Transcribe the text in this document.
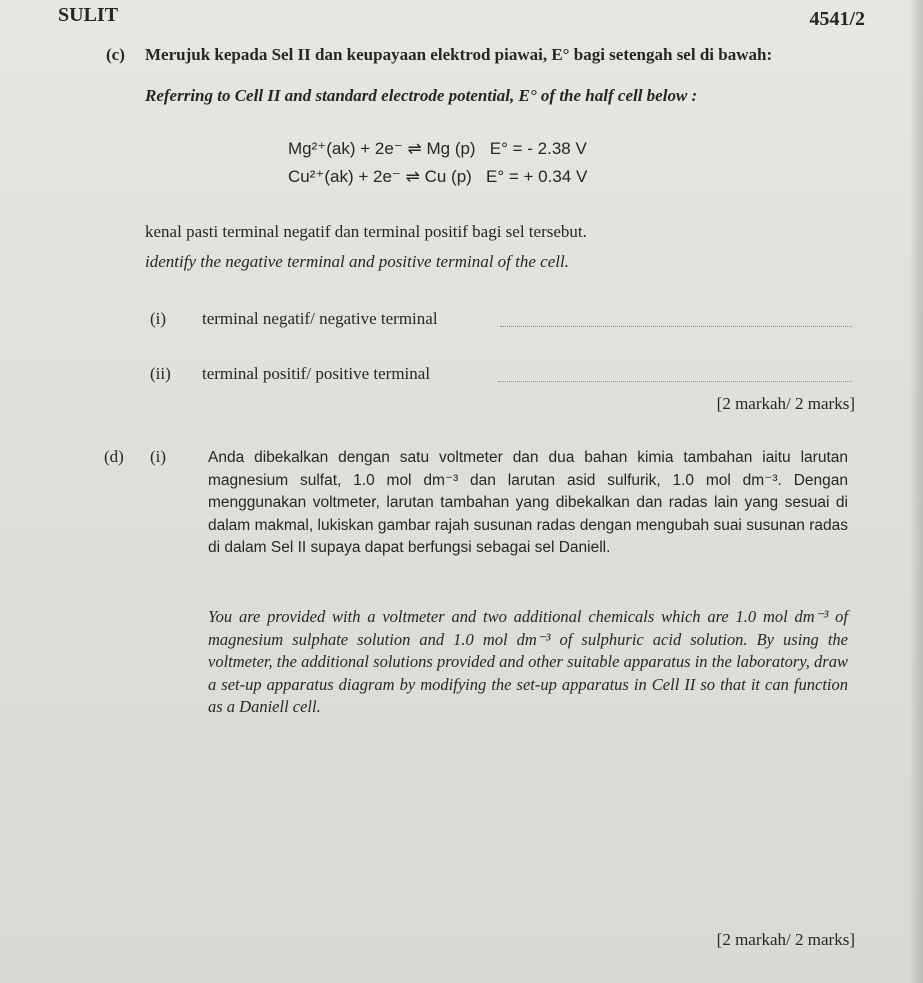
SULIT	4541/2
(c) Merujuk kepada Sel II dan keupayaan elektrod piawai, E° bagi setengah sel di bawah:
Referring to Cell II and standard electrode potential, E° of the half cell below :
Mg²⁺(ak) + 2e⁻ ⇌ Mg (p)   E° = - 2.38 V
Cu²⁺(ak) + 2e⁻ ⇌ Cu (p)   E° = + 0.34 V
kenal pasti terminal negatif dan terminal positif bagi sel tersebut.
identify the negative terminal and positive terminal of the cell.
(i) terminal negatif/ negative terminal
(ii) terminal positif/ positive terminal
[2 markah/ 2 marks]
(d) (i)	Anda dibekalkan dengan satu voltmeter dan dua bahan kimia tambahan iaitu larutan magnesium sulfat, 1.0 mol dm⁻³ dan larutan asid sulfurik, 1.0 mol dm⁻³. Dengan menggunakan voltmeter, larutan tambahan yang dibekalkan dan radas lain yang sesuai di dalam makmal, lukiskan gambar rajah susunan radas dengan mengubah suai susunan radas di dalam Sel II supaya dapat berfungsi sebagai sel Daniell.
You are provided with a voltmeter and two additional chemicals which are 1.0 mol dm⁻³ of magnesium sulphate solution and 1.0 mol dm⁻³ of sulphuric acid solution. By using the voltmeter, the additional solutions provided and other suitable apparatus in the laboratory, draw a set-up apparatus diagram by modifying the set-up apparatus in Cell II so that it can function as a Daniell cell.
[2 markah/ 2 marks]
